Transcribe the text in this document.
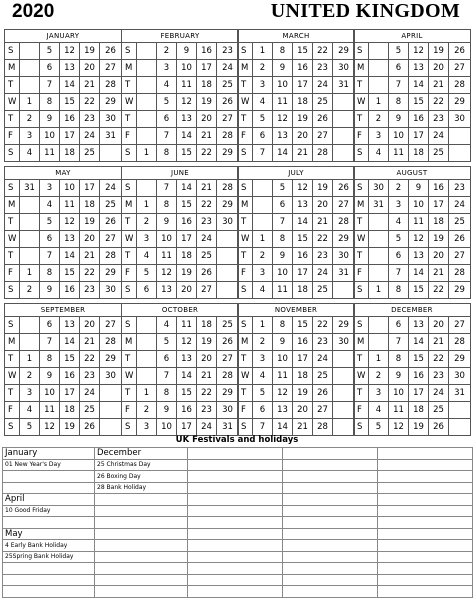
2020	UNITED KINGDOM
JANUARY						
S		5	12	19	26	
M		6	13	20	27	
T		7	14	21	28	
W	1	8	15	22	29	
T	2	9	16	23	30	
F	3	10	17	24	31	
S	4	11	18	25		
FEBRUARY						
S		2	9	16	23	
M		3	10	17	24	
T		4	11	18	25	
W		5	12	19	26	
T		6	13	20	27	
F		7	14	21	28	
S	1	8	15	22	29	
MARCH						
S	1	8	15	22	29	
M	2	9	16	23	30	
T	3	10	17	24	31	
W	4	11	18	25		
T	5	12	19	26		
F	6	13	20	27		
S	7	14	21	28		
APRIL						
S		5	12	19	26	
M		6	13	20	27	
T		7	14	21	28	
W	1	8	15	22	29	
T	2	9	16	23	30	
F	3	10	17	24		
S	4	11	18	25		
MAY						
S	31	3	10	17	24	
M		4	11	18	25	
T		5	12	19	26	
W		6	13	20	27	
T		7	14	21	28	
F	1	8	15	22	29	
S	2	9	16	23	30	
JUNE						
S		7	14	21	28	
M	1	8	15	22	29	
T	2	9	16	23	30	
W	3	10	17	24		
T	4	11	18	25		
F	5	12	19	26		
S	6	13	20	27		
JULY						
S		5	12	19	26	
M		6	13	20	27	
T		7	14	21	28	
W	1	8	15	22	29	
T	2	9	16	23	30	
F	3	10	17	24	31	
S	4	11	18	25		
AUGUST						
S	30	2	9	16	23	
M	31	3	10	17	24	
T		4	11	18	25	
W		5	12	19	26	
T		6	13	20	27	
F		7	14	21	28	
S	1	8	15	22	29	
SEPTEMBER						
S		6	13	20	27	
M		7	14	21	28	
T	1	8	15	22	29	
W	2	9	16	23	30	
T	3	10	17	24		
F	4	11	18	25		
S	5	12	19	26		
OCTOBER						
S		4	11	18	25	
M		5	12	19	26	
T		6	13	20	27	
W		7	14	21	28	
T	1	8	15	22	29	
F	2	9	16	23	30	
S	3	10	17	24	31	
NOVEMBER						
S	1	8	15	22	29	
M	2	9	16	23	30	
T	3	10	17	24		
W	4	11	18	25		
T	5	12	19	26		
F	6	13	20	27		
S	7	14	21	28		
DECEMBER						
S		6	13	20	27	
M		7	14	21	28	
T	1	8	15	22	29	
W	2	9	16	23	30	
T	3	10	17	24	31	
F	4	11	18	25		
S	5	12	19	26		
UK Festivals and holidays
January	December			
01 New Year's Day	25 Christmas Day			
	26 Boxing Day			
	28 Bank Holiday			
April				
10 Good Friday				

May				
4 Early Bank Holiday				
25Spring Bank Holiday				
